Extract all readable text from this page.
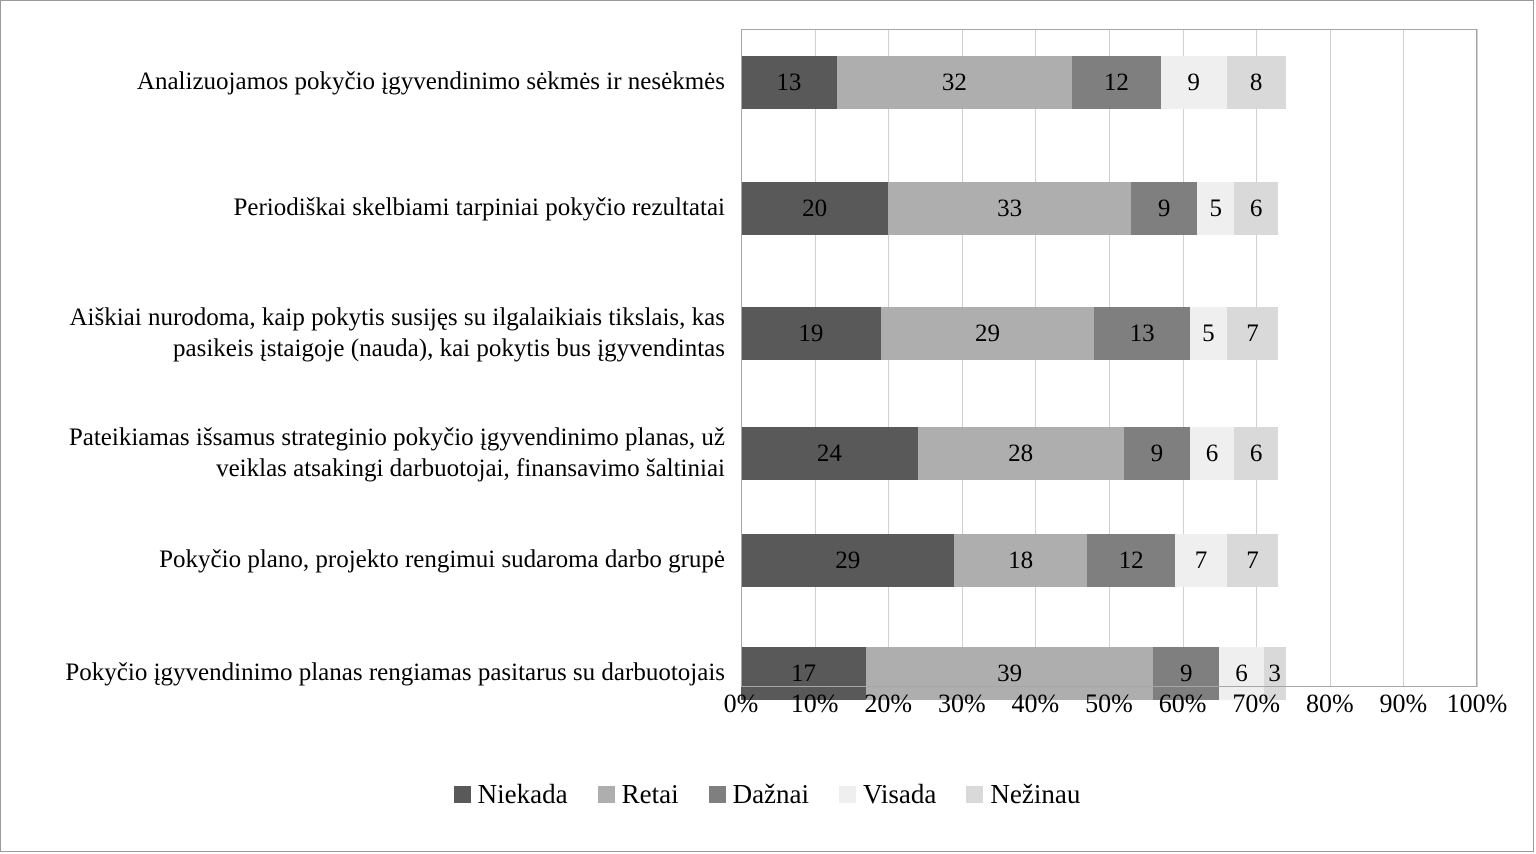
Analizuojamos pokyčio įgyvendinimo sėkmės ir nesėkmės
Periodiškai skelbiami tarpiniai pokyčio rezultatai
Aiškiai nurodoma, kaip pokytis susijęs su ilgalaikiais tikslais, kas pasikeis įstaigoje (nauda), kai pokytis bus įgyvendintas
Pateikiamas išsamus strateginio pokyčio įgyvendinimo planas, už veiklas atsakingi darbuotojai, finansavimo šaltiniai
Pokyčio plano, projekto rengimui sudaroma darbo grupė
Pokyčio įgyvendinimo planas rengiamas pasitarus su darbuotojais
13	32	12	9	8
20	33	9	5	6
19	29	13	5	7
24	28	9	6	6
29	18	12	7	7
17	39	9	6 3
0% 10% 20% 30% 40% 50% 60% 70% 80% 90% 100%
Niekada Retai Dažnai Visada Nežinau
